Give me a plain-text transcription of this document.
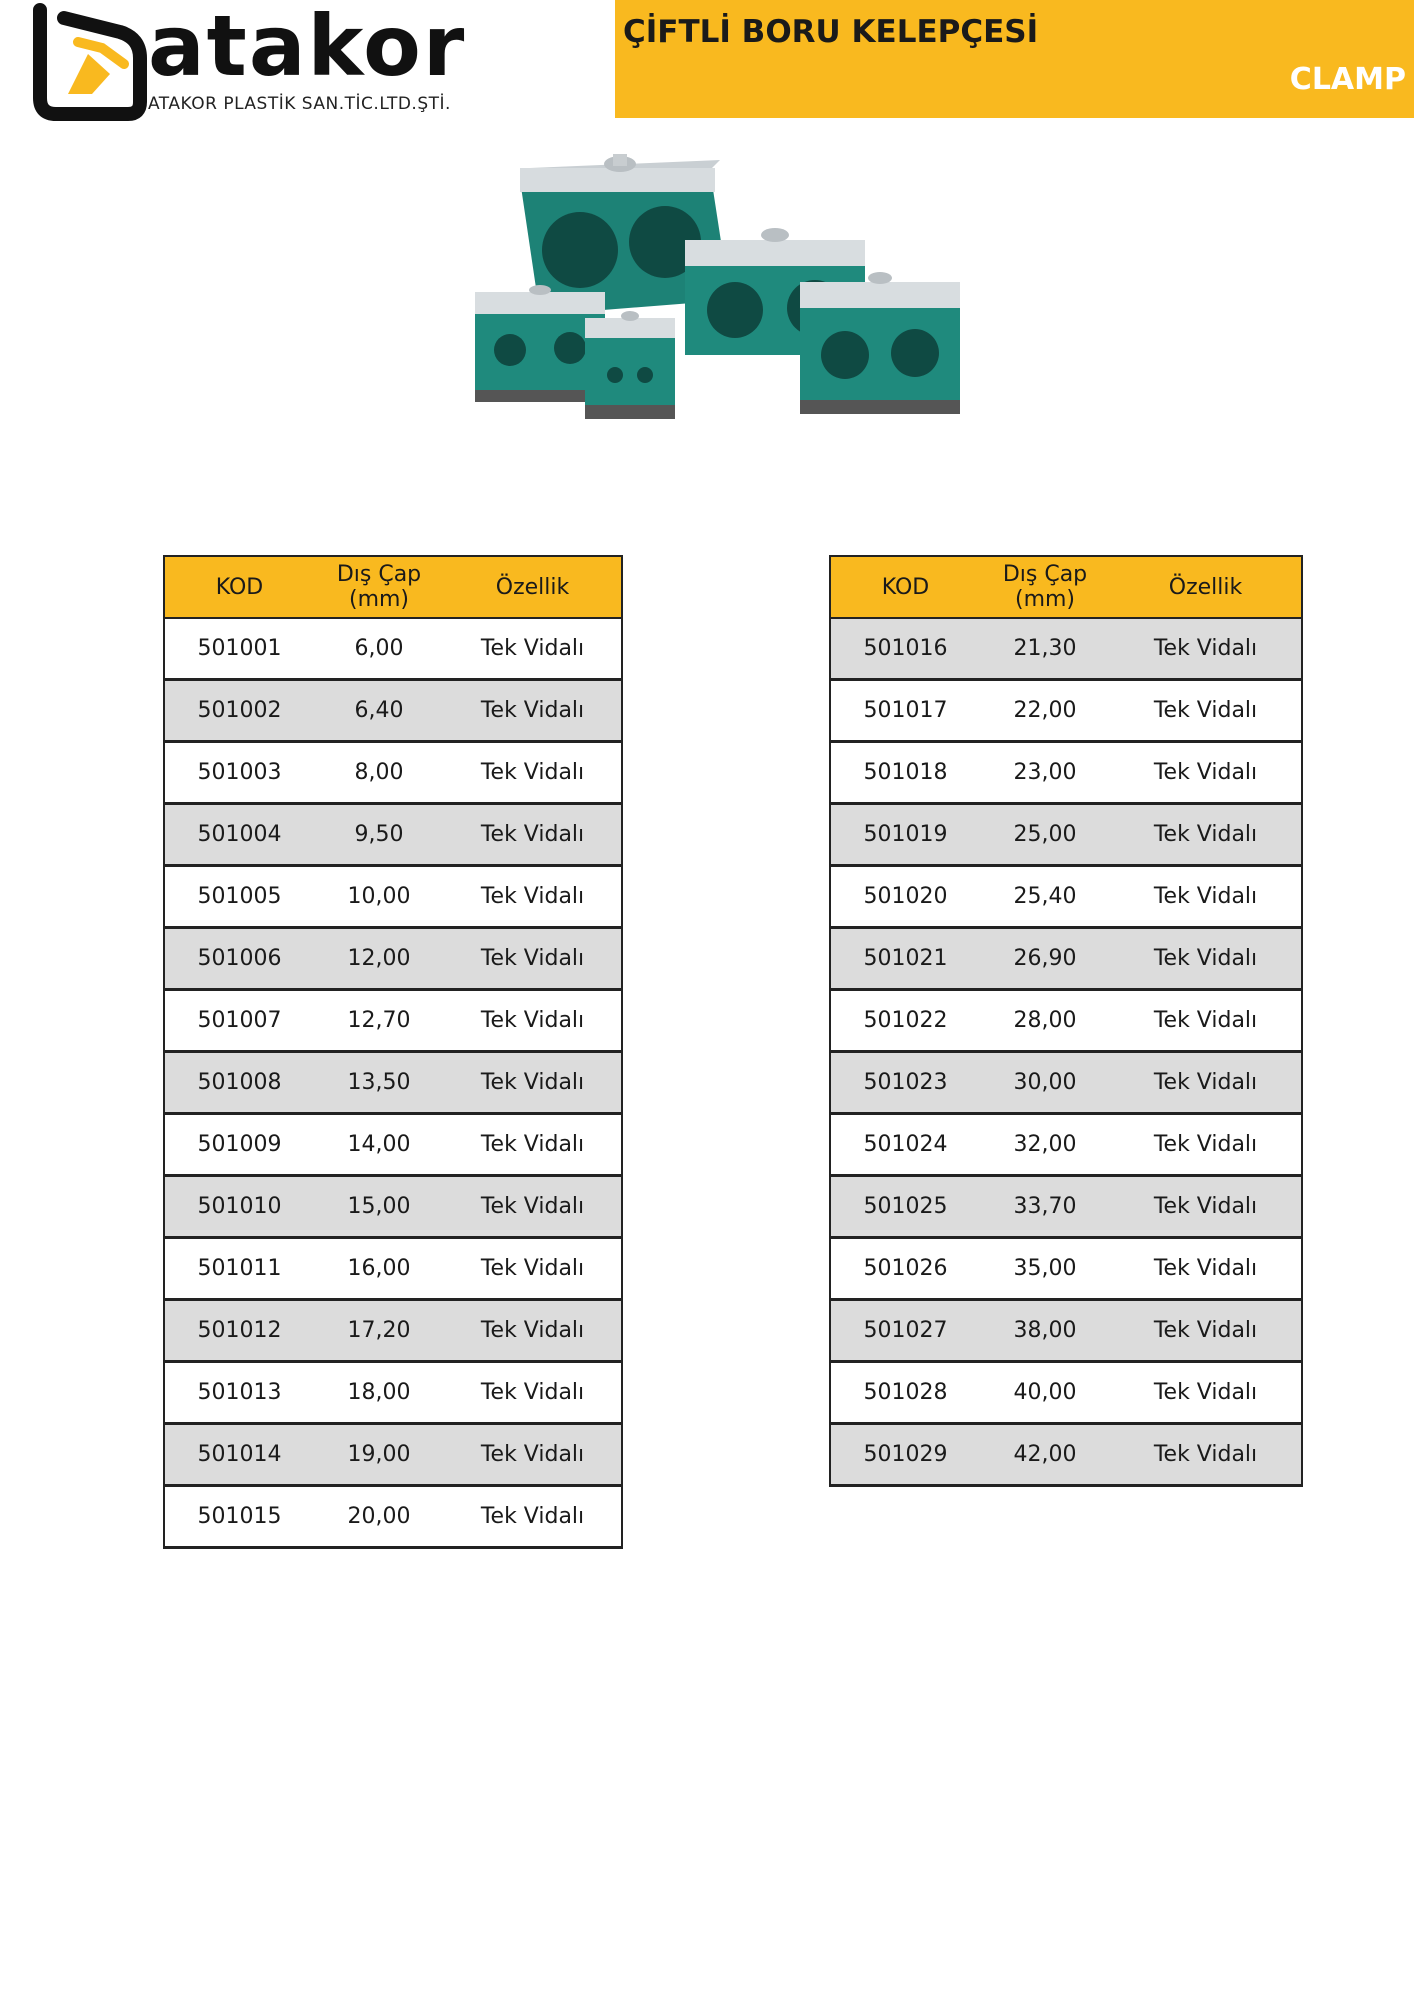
atakor
ATAKOR PLASTİK SAN.TİC.LTD.ŞTİ.
ÇİFTLİ BORU KELEPÇESİ
CLAMP
KOD	Dış Çap (mm)	Özellik
501001	6,00	Tek Vidalı
501002	6,40	Tek Vidalı
501003	8,00	Tek Vidalı
501004	9,50	Tek Vidalı
501005	10,00	Tek Vidalı
501006	12,00	Tek Vidalı
501007	12,70	Tek Vidalı
501008	13,50	Tek Vidalı
501009	14,00	Tek Vidalı
501010	15,00	Tek Vidalı
501011	16,00	Tek Vidalı
501012	17,20	Tek Vidalı
501013	18,00	Tek Vidalı
501014	19,00	Tek Vidalı
501015	20,00	Tek Vidalı
KOD	Dış Çap (mm)	Özellik
501016	21,30	Tek Vidalı
501017	22,00	Tek Vidalı
501018	23,00	Tek Vidalı
501019	25,00	Tek Vidalı
501020	25,40	Tek Vidalı
501021	26,90	Tek Vidalı
501022	28,00	Tek Vidalı
501023	30,00	Tek Vidalı
501024	32,00	Tek Vidalı
501025	33,70	Tek Vidalı
501026	35,00	Tek Vidalı
501027	38,00	Tek Vidalı
501028	40,00	Tek Vidalı
501029	42,00	Tek Vidalı
